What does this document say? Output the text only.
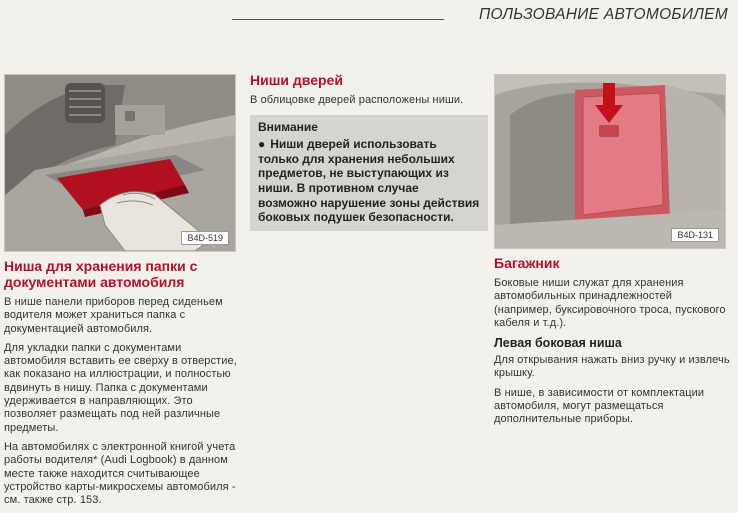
ПОЛЬЗОВАНИЕ АВТОМОБИЛЕМ
B4D-519
Ниша для хранения папки с документами автомобиля

В нише панели приборов перед сиденьем водителя может храниться папка с документацией автомобиля.

Для укладки папки с документами автомобиля вставить ее сверху в отверстие, как показано на иллюстрации, и полностью вдвинуть в нишу. Папка с документами удерживается в направляющих. Это позволяет размещать под ней различные предметы.

На автомобилях с электронной книгой учета работы водителя* (Audi Logbook) в данном месте также находится считывающее устройство карты-микросхемы автомобиля - см. также стр. 153.

Ниши дверей

В облицовке дверей расположены ниши.

Внимание
● Ниши дверей использовать только для хранения небольших предметов, не выступающих из ниши. В противном случае возможно нарушение зоны действия боковых подушек безопасности.
B4D-131
Багажник

Боковые ниши служат для хранения автомобильных принадлежностей (например, буксировочного троса, пускового кабеля и т.д.).

Левая боковая ниша

Для открывания нажать вниз ручку и извлечь крышку.

В нише, в зависимости от комплектации автомобиля, могут размещаться дополнительные приборы.
